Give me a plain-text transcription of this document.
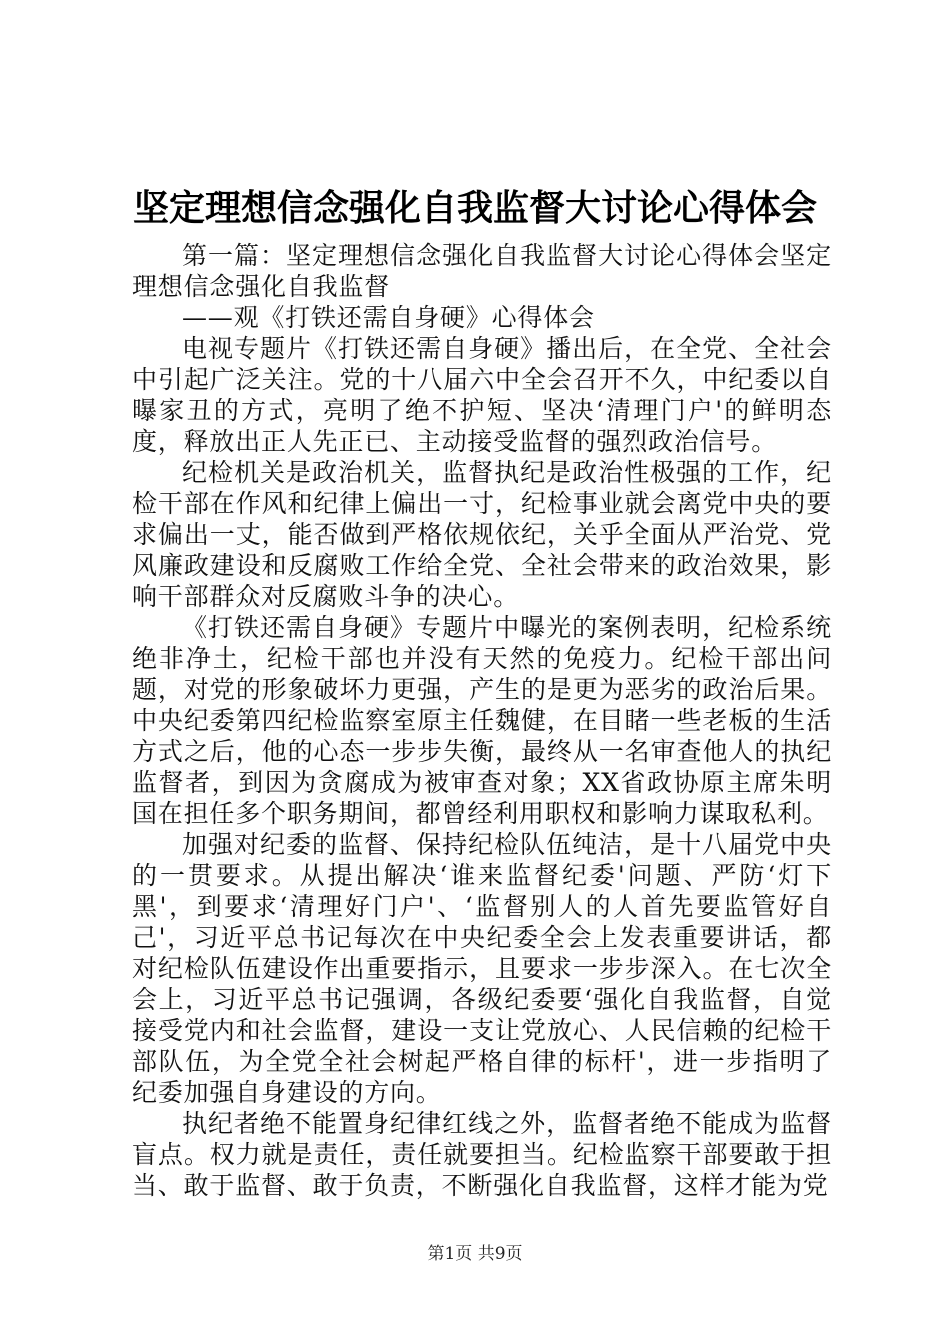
坚定理想信念强化自我监督大讨论心得体会

第一篇：坚定理想信念强化自我监督大讨论心得体会坚定理想信念强化自我监督

——观《打铁还需自身硬》心得体会

电视专题片《打铁还需自身硬》播出后，在全党、全社会中引起广泛关注。党的十八届六中全会召开不久，中纪委以自曝家丑的方式，亮明了绝不护短、坚决‘清理门户'的鲜明态度，释放出正人先正已、主动接受监督的强烈政治信号。

纪检机关是政治机关，监督执纪是政治性极强的工作，纪检干部在作风和纪律上偏出一寸，纪检事业就会离党中央的要求偏出一丈，能否做到严格依规依纪，关乎全面从严治党、党风廉政建设和反腐败工作给全党、全社会带来的政治效果，影响干部群众对反腐败斗争的决心。

《打铁还需自身硬》专题片中曝光的案例表明，纪检系统绝非净土，纪检干部也并没有天然的免疫力。纪检干部出问题，对党的形象破坏力更强，产生的是更为恶劣的政治后果。中央纪委第四纪检监察室原主任魏健，在目睹一些老板的生活方式之后，他的心态一步步失衡，最终从一名审查他人的执纪监督者，到因为贪腐成为被审查对象；XX省政协原主席朱明国在担任多个职务期间，都曾经利用职权和影响力谋取私利。

加强对纪委的监督、保持纪检队伍纯洁，是十八届党中央的一贯要求。从提出解决‘谁来监督纪委'问题、严防‘灯下黑'，到要求‘清理好门户'、‘监督别人的人首先要监管好自己'，习近平总书记每次在中央纪委全会上发表重要讲话，都对纪检队伍建设作出重要指示，且要求一步步深入。在七次全会上，习近平总书记强调，各级纪委要‘强化自我监督，自觉接受党内和社会监督，建设一支让党放心、人民信赖的纪检干部队伍，为全党全社会树起严格自律的标杆'，进一步指明了纪委加强自身建设的方向。

执纪者绝不能置身纪律红线之外，监督者绝不能成为监督盲点。权力就是责任，责任就要担当。纪检监察干部要敢于担当、敢于监督、敢于负责，不断强化自我监督，这样才能为党

第1页 共9页
